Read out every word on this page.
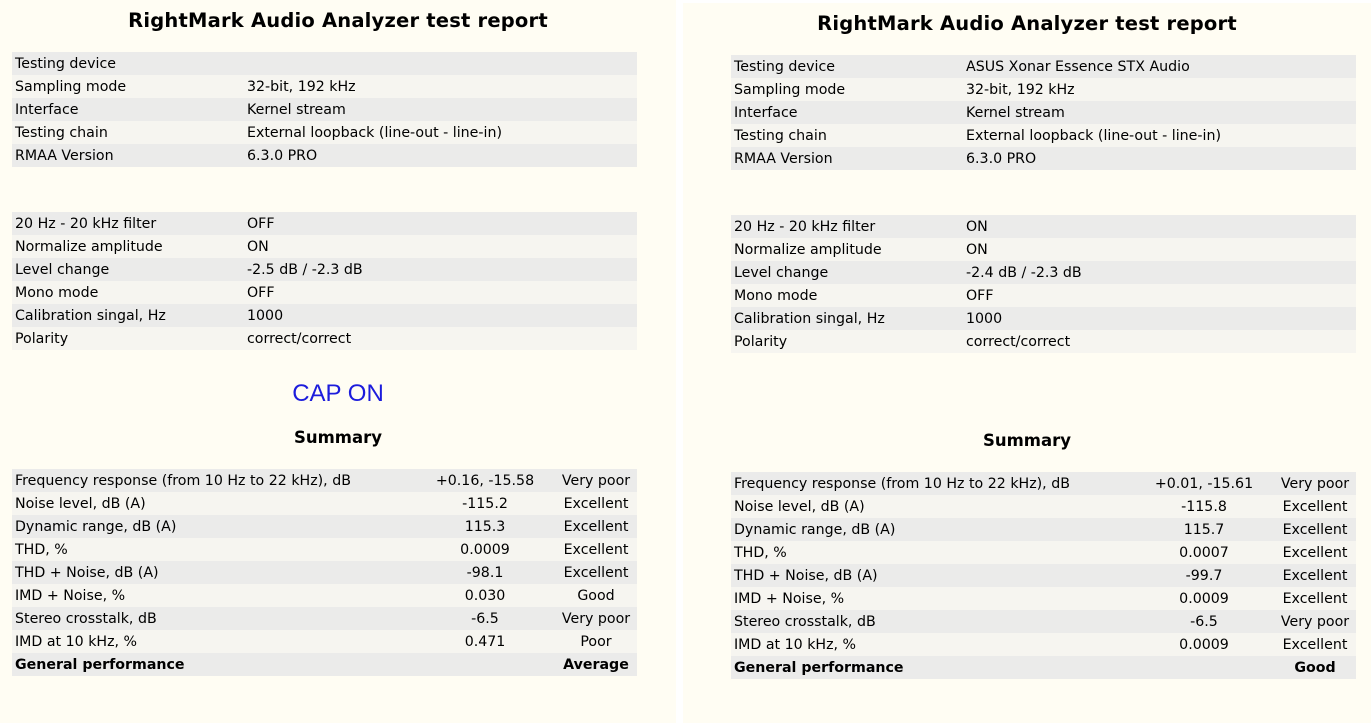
RightMark Audio Analyzer test report
Testing device	
Sampling mode	32-bit, 192 kHz
Interface	Kernel stream
Testing chain	External loopback (line-out - line-in)
RMAA Version	6.3.0 PRO
20 Hz - 20 kHz filter	OFF
Normalize amplitude	ON
Level change	-2.5 dB / -2.3 dB
Mono mode	OFF
Calibration singal, Hz	1000
Polarity	correct/correct
CAP ON
Summary
Frequency response (from 10 Hz to 22 kHz), dB	+0.16, -15.58	Very poor
Noise level, dB (A)	-115.2	Excellent
Dynamic range, dB (A)	115.3	Excellent
THD, %	0.0009	Excellent
THD + Noise, dB (A)	-98.1	Excellent
IMD + Noise, %	0.030	Good
Stereo crosstalk, dB	-6.5	Very poor
IMD at 10 kHz, %	0.471	Poor
General performance		Average
RightMark Audio Analyzer test report
Testing device	ASUS Xonar Essence STX Audio
Sampling mode	32-bit, 192 kHz
Interface	Kernel stream
Testing chain	External loopback (line-out - line-in)
RMAA Version	6.3.0 PRO
20 Hz - 20 kHz filter	ON
Normalize amplitude	ON
Level change	-2.4 dB / -2.3 dB
Mono mode	OFF
Calibration singal, Hz	1000
Polarity	correct/correct
Summary
Frequency response (from 10 Hz to 22 kHz), dB	+0.01, -15.61	Very poor
Noise level, dB (A)	-115.8	Excellent
Dynamic range, dB (A)	115.7	Excellent
THD, %	0.0007	Excellent
THD + Noise, dB (A)	-99.7	Excellent
IMD + Noise, %	0.0009	Excellent
Stereo crosstalk, dB	-6.5	Very poor
IMD at 10 kHz, %	0.0009	Excellent
General performance		Good
